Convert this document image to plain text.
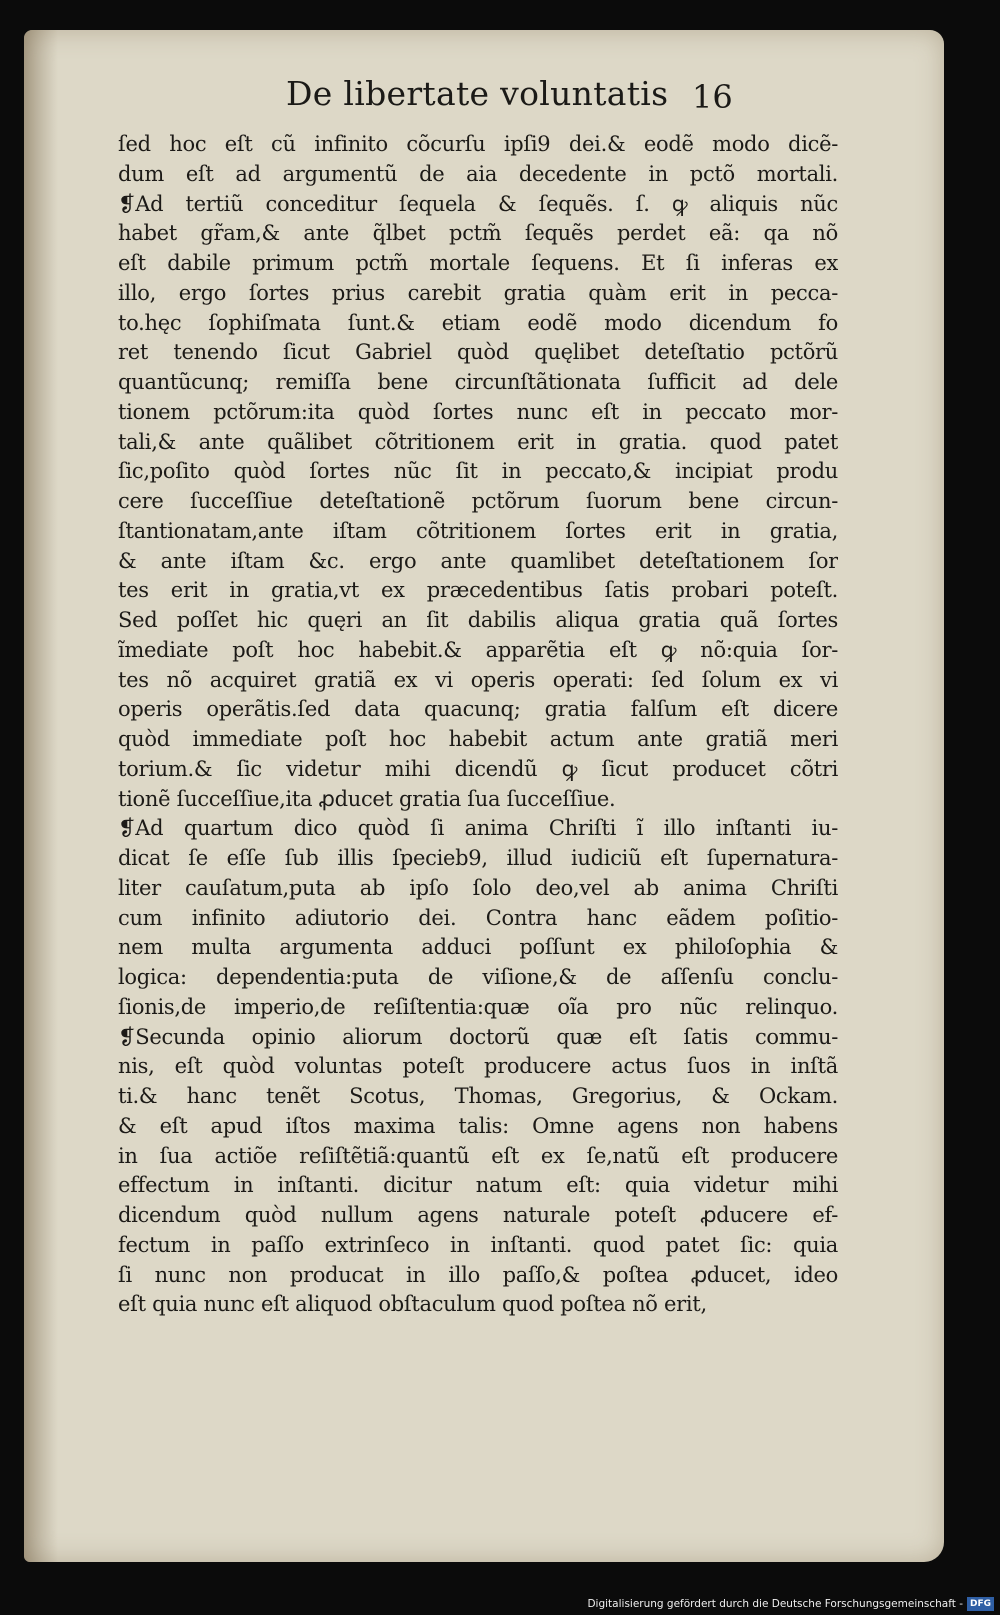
De libertate voluntatis 16
ſed hoc eſt cũ infinito cõcurſu ipſi9 dei.& eodẽ modo dicẽ-
dum eſt ad argumentũ de aia decedente in pctõ mortali.
❡Ad tertiũ conceditur ſequela & ſequẽs. ſ. ꝙ aliquis nũc
habet gr̃am,& ante q̃lbet pctm̃ ſequẽs perdet eã: qa nõ
eſt dabile primum pctm̃ mortale ſequens. Et ſi inferas ex
illo, ergo ſortes prius carebit gratia quàm erit in pecca-
to.hęc ſophiſmata ſunt.& etiam eodẽ modo dicendum fo
ret tenendo ſicut Gabriel quòd quęlibet deteſtatio pctõrũ
quantũcunq; remiſſa bene circunſtãtionata ſufficit ad dele
tionem pctõrum:ita quòd ſortes nunc eſt in peccato mor-
tali,& ante quãlibet cõtritionem erit in gratia. quod patet
ſic,poſito quòd ſortes nũc ſit in peccato,& incipiat produ
cere ſucceſſiue deteſtationẽ pctõrum ſuorum bene circun-
ſtantionatam,ante iſtam cõtritionem ſortes erit in gratia,
& ante iſtam &c. ergo ante quamlibet deteſtationem ſor
tes erit in gratia,vt ex præcedentibus ſatis probari poteſt.
Sed poſſet hic quęri an ſit dabilis aliqua gratia quã ſortes
ĩmediate poſt hoc habebit.& apparẽtia eſt ꝙ nõ:quia ſor-
tes nõ acquiret gratiã ex vi operis operati: ſed ſolum ex vi
operis operãtis.ſed data quacunq; gratia falſum eſt dicere
quòd immediate poſt hoc habebit actum ante gratiã meri
torium.& ſic videtur mihi dicendũ ꝙ ſicut producet cõtri
tionẽ ſucceſſiue,ita ꝓducet gratia ſua ſucceſſiue.
❡Ad quartum dico quòd ſi anima Chriſti ĩ illo inſtanti iu-
dicat ſe eſſe ſub illis ſpecieb9, illud iudiciũ eſt ſupernatura-
liter cauſatum,puta ab ipſo ſolo deo,vel ab anima Chriſti
cum infinito adiutorio dei. Contra hanc eãdem poſitio-
nem multa argumenta adduci poſſunt ex philoſophia &
logica: dependentia:puta de viſione,& de aſſenſu conclu-
ſionis,de imperio,de reſiſtentia:quæ oĩa pro nũc relinquo.
❡Secunda opinio aliorum doctorũ quæ eſt ſatis commu-
nis, eſt quòd voluntas poteſt producere actus ſuos in inſtã
ti.& hanc tenẽt Scotus, Thomas, Gregorius, & Ockam.
& eſt apud iſtos maxima talis: Omne agens non habens
in ſua actiõe reſiſtẽtiã:quantũ eſt ex ſe,natũ eſt producere
effectum in inſtanti. dicitur natum eſt: quia videtur mihi
dicendum quòd nullum agens naturale poteſt ꝓducere ef-
fectum in paſſo extrinſeco in inſtanti. quod patet ſic: quia
ſi nunc non producat in illo paſſo,& poſtea ꝓducet, ideo
eſt quia nunc eſt aliquod obſtaculum quod poſtea nõ erit,
Digitalisierung gefördert durch die Deutsche Forschungsgemeinschaft - DFG
